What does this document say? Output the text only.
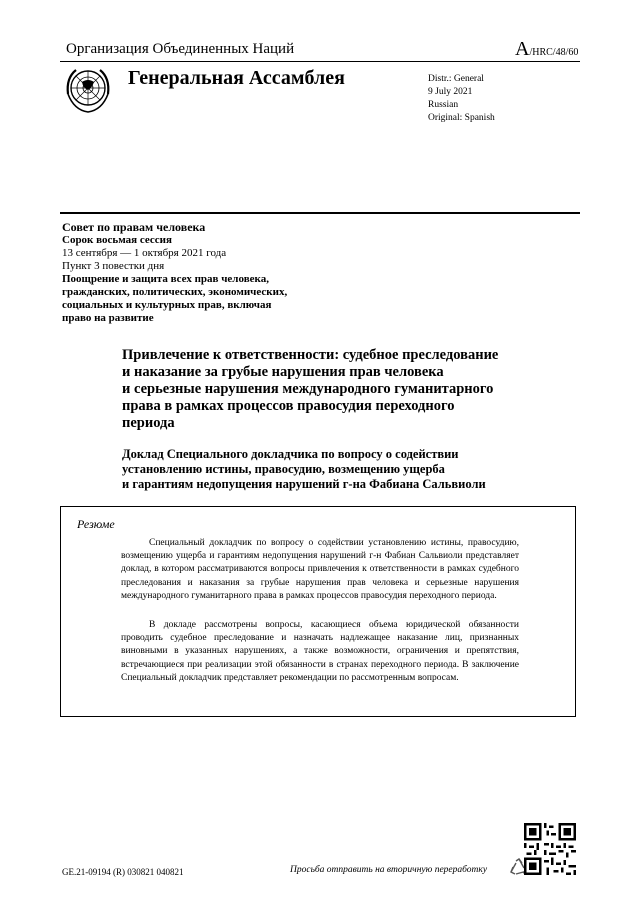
Организация Объединенных Наций	A/HRC/48/60
Генеральная Ассамблея	Distr.: General
9 July 2021
Russian
Original: Spanish
Совет по правам человека
Сорок восьмая сессия
13 сентября — 1 октября 2021 года
Пункт 3 повестки дня
Поощрение и защита всех прав человека,
гражданских, политических, экономических,
социальных и культурных прав, включая
право на развитие
Привлечение к ответственности: судебное преследование
и наказание за грубые нарушения прав человека
и серьезные нарушения международного гуманитарного
права в рамках процессов правосудия переходного
периода
Доклад Специального докладчика по вопросу о содействии
установлению истины, правосудию, возмещению ущерба
и гарантиям недопущения нарушений г-на Фабиана Сальвиоли
Резюме

Специальный докладчик по вопросу о содействии установлению истины, правосудию, возмещению ущерба и гарантиям недопущения нарушений г-н Фабиан Сальвиоли представляет доклад, в котором рассматриваются вопросы привлечения к ответственности в рамках судебного преследования и наказания за грубые нарушения прав человека и серьезные нарушения международного гуманитарного права в рамках процессов правосудия переходного периода.

В докладе рассмотрены вопросы, касающиеся объема юридической обязанности проводить судебное преследование и назначать надлежащее наказание лиц, признанных виновными в указанных нарушениях, а также возможности, ограничения и препятствия, встречающиеся при реализации этой обязанности в странах переходного периода. В заключение Специальный докладчик представляет рекомендации по рассмотренным вопросам.

GE.21-09194 (R) 030821 040821	Просьба отправить на вторичную переработку
